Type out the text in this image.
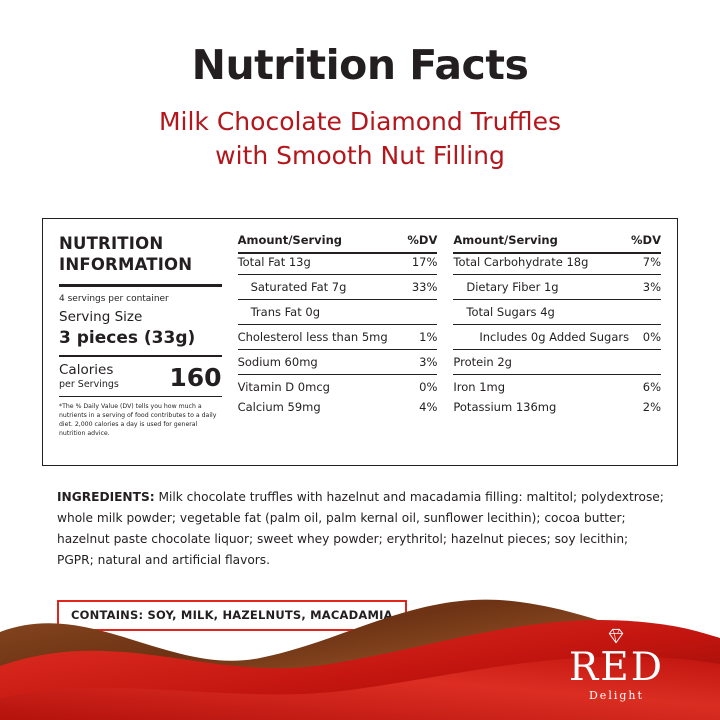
Nutrition Facts
Milk Chocolate Diamond Truffles
with Smooth Nut Filling
NUTRITION
INFORMATION
4 servings per container
Serving Size
3 pieces (33g)
Calories
per Servings 160
*The % Daily Value (DV) tells you how much a nutrients in a serving of food contributes to a daily diet. 2,000 calories a day is used for general nutrition advice.
Amount/Serving	%DV
Total Fat 13g	17%
Saturated Fat 7g	33%
Trans Fat 0g
Cholesterol less than 5mg	1%
Sodium 60mg	3%
Vitamin D 0mcg	0%
Calcium 59mg	4%
Amount/Serving	%DV
Total Carbohydrate 18g	7%
Dietary Fiber 1g	3%
Total Sugars 4g
Includes 0g Added Sugars	0%
Protein 2g
Iron 1mg	6%
Potassium 136mg	2%
INGREDIENTS: Milk chocolate truffles with hazelnut and macadamia filling: maltitol; polydextrose; whole milk powder; vegetable fat (palm oil, palm kernal oil, sunflower lecithin); cocoa butter; hazelnut paste chocolate liquor; sweet whey powder; erythritol; hazelnut pieces; soy lecithin; PGPR; natural and artificial flavors.
CONTAINS: SOY, MILK, HAZELNUTS, MACADAMIA
RED
Delight
